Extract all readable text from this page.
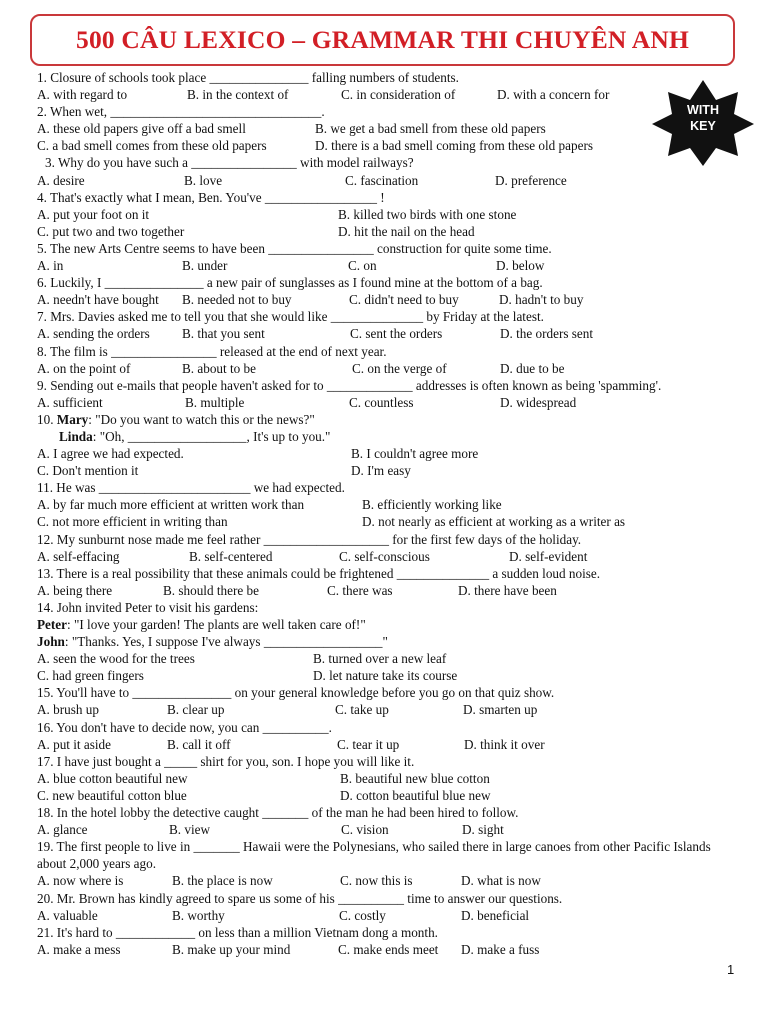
500 CÂU LEXICO – GRAMMAR THI CHUYÊN ANH
WITH
KEY
1. Closure of schools took place _______________ falling numbers of students.
A. with regard to	B. in the context of	C. in consideration of	D. with a concern for
2. When wet, ________________________________.
A. these old papers give off a bad smell	B. we get a bad smell from these old papers
C. a bad smell comes from these old papers	D. there is a bad smell coming from these old papers
3. Why do you have such a ________________ with model railways?
A. desire	B. love	C. fascination	D. preference
4. That's exactly what I mean, Ben. You've _________________ !
A. put your foot on it	B. killed two birds with one stone
C. put two and two together	D. hit the nail on the head
5. The new Arts Centre seems to have been ________________ construction for quite some time.
A. in	B. under	C. on	D. below
6. Luckily, I _______________ a new pair of sunglasses as I found mine at the bottom of a bag.
A. needn't have bought B. needed not to buy	C. didn't need to buy	D. hadn't to buy
7. Mrs. Davies asked me to tell you that she would like ______________ by Friday at the latest.
A. sending the orders B. that you sent	C. sent the orders	D. the orders sent
8. The film is ________________ released at the end of next year.
A. on the point of	B. about to be	C. on the verge of	D. due to be
9. Sending out e-mails that people haven't asked for to _____________ addresses is often known as being 'spamming'.
A. sufficient	B. multiple	C. countless	D. widespread
10. Mary: "Do you want to watch this or the news?"
Linda: "Oh, __________________, It's up to you."
A. I agree we had expected.	B. I couldn't agree more
C. Don't mention it	D. I'm easy
11. He was _______________________ we had expected.
A. by far much more efficient at written work than	B. efficiently working like
C. not more efficient in writing than	D. not nearly as efficient at working as a writer as
12. My sunburnt nose made me feel rather ___________________ for the first few days of the holiday.
A. self-effacing	B. self-centered	C. self-conscious	D. self-evident
13. There is a real possibility that these animals could be frightened ______________ a sudden loud noise.
A. being there	B. should there be	C. there was	D. there have been
14. John invited Peter to visit his gardens:
Peter: "I love your garden! The plants are well taken care of!"
John: "Thanks. Yes, I suppose I've always __________________"
A. seen the wood for the trees	B. turned over a new leaf
C. had green fingers	D. let nature take its course
15. You'll have to _______________ on your general knowledge before you go on that quiz show.
A. brush up	B. clear up	C. take up	D. smarten up
16. You don't have to decide now, you can __________.
A. put it aside	B. call it off	C. tear it up	D. think it over
17. I have just bought a _____ shirt for you, son. I hope you will like it.
A. blue cotton beautiful new	B. beautiful new blue cotton
C. new beautiful cotton blue	D. cotton beautiful blue new
18. In the hotel lobby the detective caught _______ of the man he had been hired to follow.
A. glance	B. view	C. vision	D. sight
19. The first people to live in _______ Hawaii were the Polynesians, who sailed there in large canoes from other Pacific Islands about 2,000 years ago.
A. now where is	B. the place is now	C. now this is	D. what is now
20. Mr. Brown has kindly agreed to spare us some of his __________ time to answer our questions.
A. valuable	B. worthy	C. costly	D. beneficial
21. It's hard to ____________ on less than a million Vietnam dong a month.
A. make a mess	B. make up your mind	C. make ends meet D. make a fuss
1
